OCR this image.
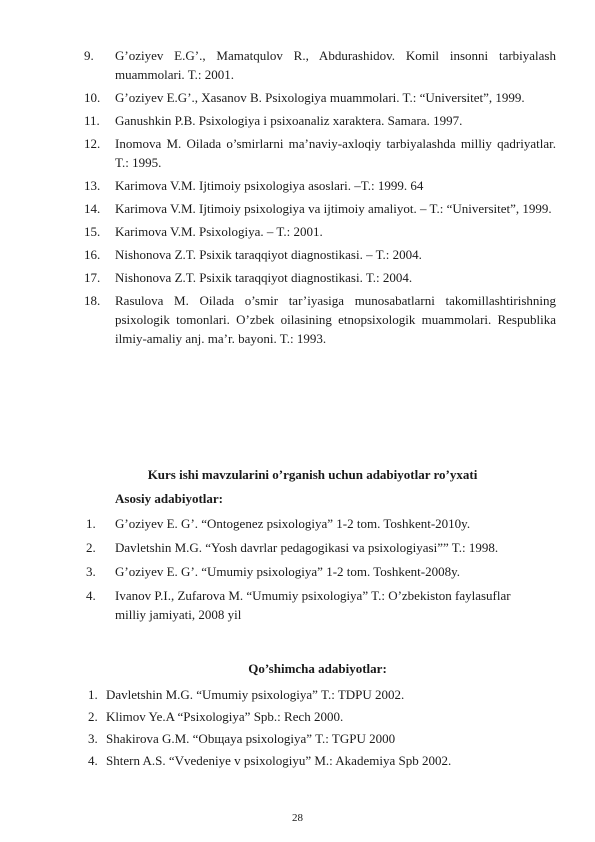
9.	G’oziyev E.G’., Mamatqulov R., Abdurashidov. Komil insonni tarbiyalash muammolari. T.: 2001.
10.	G’oziyev E.G’., Xasanov B. Psixologiya muammolari. T.: “Universitet”, 1999.
11.	Ganushkin P.B. Psixologiya i psixoanaliz xaraktera. Samara. 1997.
12.	Inomova M. Oilada o’smirlarni ma’naviy-axloqiy tarbiyalashda milliy qadriyatlar. T.: 1995.
13.	Karimova V.M. Ijtimoiy psixologiya asoslari. –T.: 1999. 64
14.	Karimova V.M. Ijtimoiy psixologiya va ijtimoiy amaliyot. – T.: “Universitet”, 1999.
15.	Karimova V.M. Psixologiya. – T.: 2001.
16.	Nishonova Z.T. Psixik taraqqiyot diagnostikasi. – T.: 2004.
17.	Nishonova Z.T. Psixik taraqqiyot diagnostikasi. T.: 2004.
18.	Rasulova M. Oilada o’smir tar’iyasiga munosabatlarni takomillashtirishning psixologik tomonlari. O’zbek oilasining etnopsixologik muammolari. Respublika ilmiy-amaliy anj. ma’r. bayoni. T.: 1993.
Kurs ishi mavzularini o’rganish uchun adabiyotlar ro’yxati
Asosiy adabiyotlar:
1.	G’oziyev E. G’. “Ontogenez psixologiya” 1-2 tom. Toshkent-2010y.
2.	Davletshin M.G. “Yosh davrlar pedagogikasi va psixologiyasi”” T.: 1998.
3.	G’oziyev E. G’. “Umumiy psixologiya” 1-2 tom. Toshkent-2008y.
4.	Ivanov P.I., Zufarova M. “Umumiy psixologiya” T.: O’zbekiston faylasuflar milliy jamiyati, 2008 yil
Qo’shimcha adabiyotlar:
1. Davletshin M.G. “Umumiy psixologiya” T.: TDPU 2002.
2. Klimov Ye.A “Psixologiya” Spb.: Rech 2000.
3. Shakirova G.M. “Obщaya psixologiya” T.: TGPU 2000
4. Shtern A.S. “Vvedeniye v psixologiyu” M.: Akademiya Spb 2002.
28
